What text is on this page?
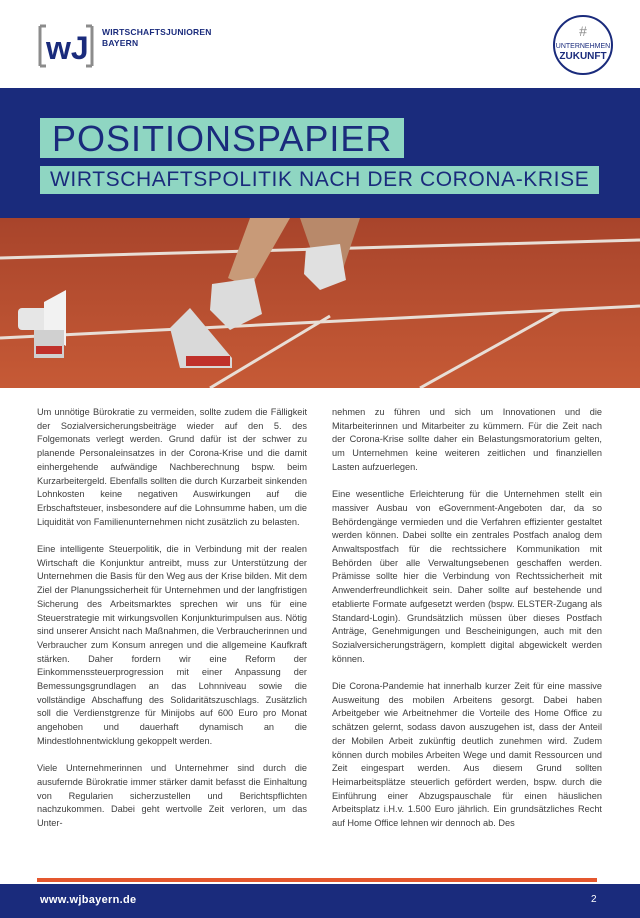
wJ WIRTSCHAFTSJUNIOREN
BAYERN
#
UNTERNEHMEN
ZUKUNFT
POSITIONSPAPIER
WIRTSCHAFTSPOLITIK NACH DER CORONA-KRISE

Um unnötige Bürokratie zu vermeiden, sollte zudem die Fälligkeit der Sozialversicherungsbeiträge wieder auf den 5. des Folgemonats verlegt werden. Grund dafür ist der schwer zu planende Personaleinsatzes in der Corona-Krise und die damit einhergehende aufwändige Nachberechnung bspw. beim Kurzarbeitergeld. Ebenfalls sollten die durch Kurzarbeit sinkenden Lohnkosten keine negativen Auswirkungen auf die Erbschaftsteuer, insbesondere auf die Lohnsumme haben, um die Liquidität von Familienunternehmen nicht zusätzlich zu belasten.

Eine intelligente Steuerpolitik, die in Verbindung mit der realen Wirtschaft die Konjunktur antreibt, muss zur Unterstützung der Unternehmen die Basis für den Weg aus der Krise bilden. Mit dem Ziel der Planungssicherheit für Unternehmen und der langfristigen Sicherung des Arbeitsmarktes sprechen wir uns für eine Steuerstrategie mit wirkungsvollen Konjunkturimpulsen aus. Nötig sind unserer Ansicht nach Maßnahmen, die Verbraucherinnen und Verbraucher zum Konsum anregen und die allgemeine Kaufkraft stärken. Daher fordern wir eine Reform der Einkommenssteuerprogression mit einer Anpassung der Bemessungsgrundlagen an das Lohnniveau sowie die vollständige Abschaffung des Solidaritätszuschlags. Zusätzlich soll die Verdienstgrenze für Minijobs auf 600 Euro pro Monat angehoben und dauerhaft dynamisch an die Mindestlohnentwicklung gekoppelt werden.

Viele Unternehmerinnen und Unternehmer sind durch die ausufernde Bürokratie immer stärker damit befasst die Einhaltung von Regularien sicherzustellen und Berichtspflichten nachzukommen. Dabei geht wertvolle Zeit verloren, um das Unter-

nehmen zu führen und sich um Innovationen und die Mitarbeiterinnen und Mitarbeiter zu kümmern. Für die Zeit nach der Corona-Krise sollte daher ein Belastungsmoratorium gelten, um Unternehmen keine weiteren zeitlichen und finanziellen Lasten aufzuerlegen.

Eine wesentliche Erleichterung für die Unternehmen stellt ein massiver Ausbau von eGovernment-Angeboten dar, da so Behördengänge vermieden und die Verfahren effizienter gestaltet werden können. Dabei sollte ein zentrales Postfach analog dem Anwaltspostfach für die rechtssichere Kommunikation mit Behörden über alle Verwaltungsebenen geschaffen werden. Prämisse sollte hier die Verbindung von Rechtssicherheit mit Anwenderfreundlichkeit sein. Daher sollte auf bestehende und etablierte Formate aufgesetzt werden (bspw. ELSTER-Zugang als Standard-Login). Grundsätzlich müssen über dieses Postfach Anträge, Genehmigungen und Bescheinigungen, auch mit den Sozialversicherungsträgern, komplett digital abgewickelt werden können.

Die Corona-Pandemie hat innerhalb kurzer Zeit für eine massive Ausweitung des mobilen Arbeitens gesorgt. Dabei haben Arbeitgeber wie Arbeitnehmer die Vorteile des Home Office zu schätzen gelernt, sodass davon auszugehen ist, dass der Anteil der Mobilen Arbeit zukünftig deutlich zunehmen wird. Zudem können durch mobiles Arbeiten Wege und damit Ressourcen und Zeit eingespart werden. Aus diesem Grund sollten Heimarbeitsplätze steuerlich gefördert werden, bspw. durch die Einführung einer Abzugspauschale für einen häuslichen Arbeitsplatz i.H.v. 1.500 Euro jährlich. Ein grundsätzliches Recht auf Home Office lehnen wir dennoch ab. Des

www.wjbayern.de	2
